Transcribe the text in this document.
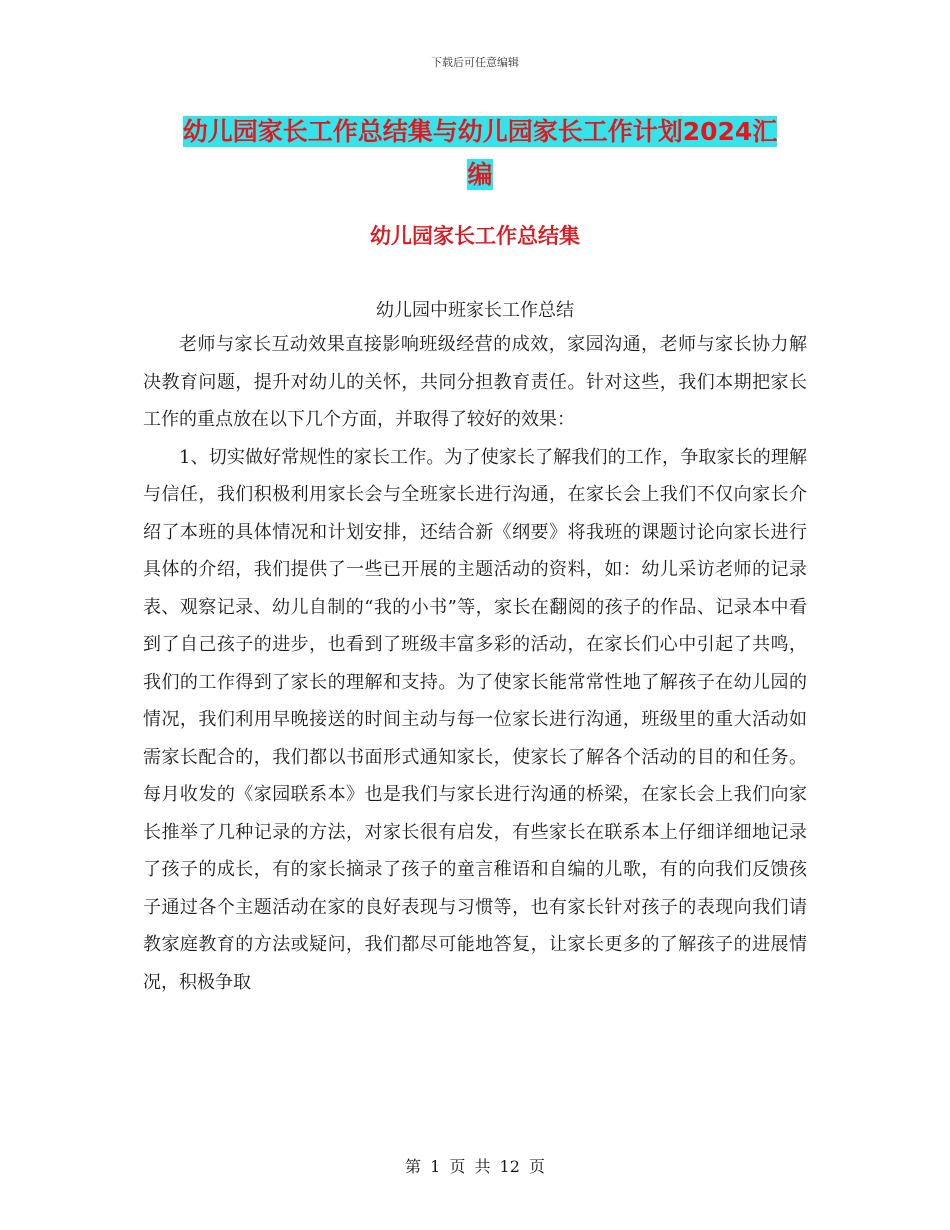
下载后可任意编辑
幼儿园家长工作总结集与幼儿园家长工作计划2024汇
编
幼儿园家长工作总结集
幼儿园中班家长工作总结

老师与家长互动效果直接影响班级经营的成效，家园沟通，老师与家长协力解决教育问题，提升对幼儿的关怀，共同分担教育责任。针对这些，我们本期把家长工作的重点放在以下几个方面，并取得了较好的效果：

1、切实做好常规性的家长工作。为了使家长了解我们的工作，争取家长的理解与信任，我们积极利用家长会与全班家长进行沟通，在家长会上我们不仅向家长介绍了本班的具体情况和计划安排，还结合新《纲要》将我班的课题讨论向家长进行具体的介绍，我们提供了一些已开展的主题活动的资料，如：幼儿采访老师的记录表、观察记录、幼儿自制的“我的小书”等，家长在翻阅的孩子的作品、记录本中看到了自己孩子的进步，也看到了班级丰富多彩的活动，在家长们心中引起了共鸣，我们的工作得到了家长的理解和支持。为了使家长能常常性地了解孩子在幼儿园的情况，我们利用早晚接送的时间主动与每一位家长进行沟通，班级里的重大活动如需家长配合的，我们都以书面形式通知家长，使家长了解各个活动的目的和任务。每月收发的《家园联系本》也是我们与家长进行沟通的桥梁，在家长会上我们向家长推举了几种记录的方法，对家长很有启发，有些家长在联系本上仔细详细地记录了孩子的成长，有的家长摘录了孩子的童言稚语和自编的儿歌，有的向我们反馈孩子通过各个主题活动在家的良好表现与习惯等，也有家长针对孩子的表现向我们请教家庭教育的方法或疑问，我们都尽可能地答复，让家长更多的了解孩子的进展情况，积极争取

第 1 页 共 12 页
